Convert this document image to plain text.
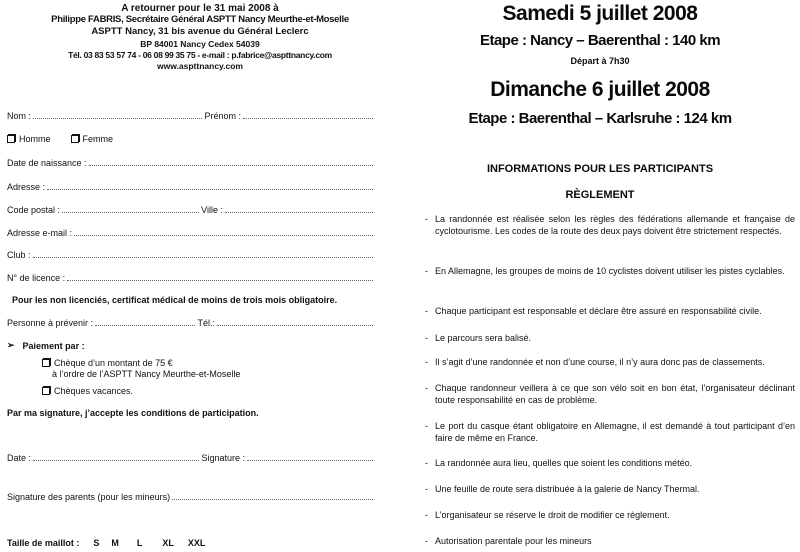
A retourner pour le 31 mai 2008 à
Philippe FABRIS, Secrétaire Général ASPTT Nancy Meurthe-et-Moselle
ASPTT Nancy, 31 bis avenue du Général Leclerc
BP 84001 Nancy Cedex 54039
Tél. 03 83 53 57 74 - 06 08 99 35 75 - e-mail : p.fabrice@aspttnancy.com
www.aspttnancy.com
Nom :	Prénom :
Homme	Femme
Date de naissance :
Adresse :
Code postal :	Ville :
Adresse e-mail :
Club :
N° de licence :
Pour les non licenciés, certificat médical de moins de trois mois obligatoire.
Personne à prévenir :	Tél.:
➢ Paiement par :
Chèque d’un montant de 75 €
à l’ordre de l’ASPTT Nancy Meurthe-et-Moselle
Chèques vacances.
Par ma signature, j’accepte les conditions de participation.
Date :	Signature :
Signature des parents (pour les mineurs)
Taille de maillot : S M L XL XXL
Samedi 5 juillet 2008
Etape : Nancy – Baerenthal : 140 km
Départ à 7h30
Dimanche 6 juillet 2008
Etape : Baerenthal – Karlsruhe : 124 km
INFORMATIONS POUR LES PARTICIPANTS
RÈGLEMENT
- La randonnée est réalisée selon les règles des fédérations allemande et française de cyclotourisme. Les codes de la route des deux pays doivent être strictement respectés.
- En Allemagne, les groupes de moins de 10 cyclistes doivent utiliser les pistes cyclables.
- Chaque participant est responsable et déclare être assuré en responsabilité civile.
- Le parcours sera balisé.
- Il s’agit d’une randonnée et non d’une course, il n’y aura donc pas de classements.
- Chaque randonneur veillera à ce que son vélo soit en bon état, l’organisateur déclinant toute responsabilité en cas de problème.
- Le port du casque étant obligatoire en Allemagne, il est demandé à tout participant d’en faire de même en France.
- La randonnée aura lieu, quelles que soient les conditions météo.
- Une feuille de route sera distribuée à la galerie de Nancy Thermal.
- L’organisateur se réserve le droit de modifier ce règlement.
- Autorisation parentale pour les mineurs
